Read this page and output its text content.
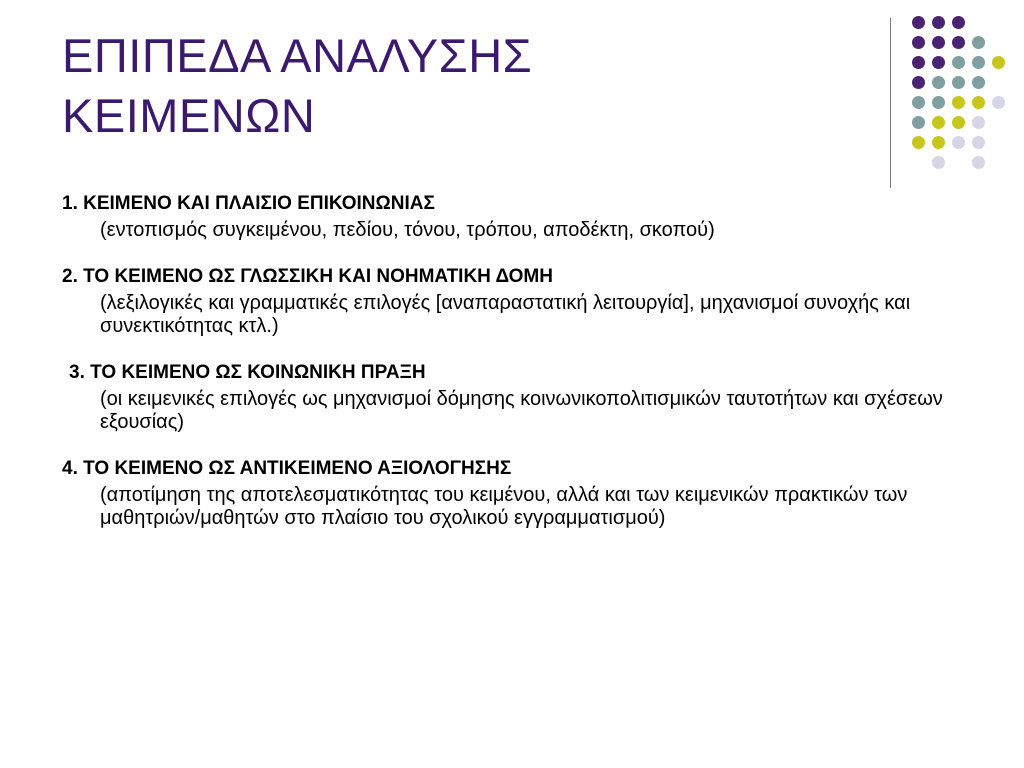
ΕΠΙΠΕΔΑ ΑΝΑΛΥΣΗΣ
ΚΕΙΜΕΝΩΝ

1. ΚΕΙΜΕΝΟ ΚΑΙ ΠΛΑΙΣΙΟ ΕΠΙΚΟΙΝΩΝΙΑΣ

(εντοπισμός συγκειμένου, πεδίου, τόνου, τρόπου, αποδέκτη, σκοπού)

2. ΤΟ ΚΕΙΜΕΝΟ ΩΣ ΓΛΩΣΣΙΚΗ ΚΑΙ ΝΟΗΜΑΤΙΚΗ ΔΟΜΗ

(λεξιλογικές και γραμματικές επιλογές [αναπαραστατική λειτουργία], μηχανισμοί συνοχής και συνεκτικότητας κτλ.)

3. ΤΟ ΚΕΙΜΕΝΟ ΩΣ ΚΟΙΝΩΝΙΚΗ ΠΡΑΞΗ

(οι κειμενικές επιλογές ως μηχανισμοί δόμησης κοινωνικοπολιτισμικών ταυτοτήτων και σχέσεων εξουσίας)

4. ΤΟ ΚΕΙΜΕΝΟ ΩΣ ΑΝΤΙΚΕΙΜΕΝΟ ΑΞΙΟΛΟΓΗΣΗΣ

(αποτίμηση της αποτελεσματικότητας του κειμένου, αλλά και των κειμενικών πρακτικών των μαθητριών/μαθητών στο πλαίσιο του σχολικού εγγραμματισμού)
